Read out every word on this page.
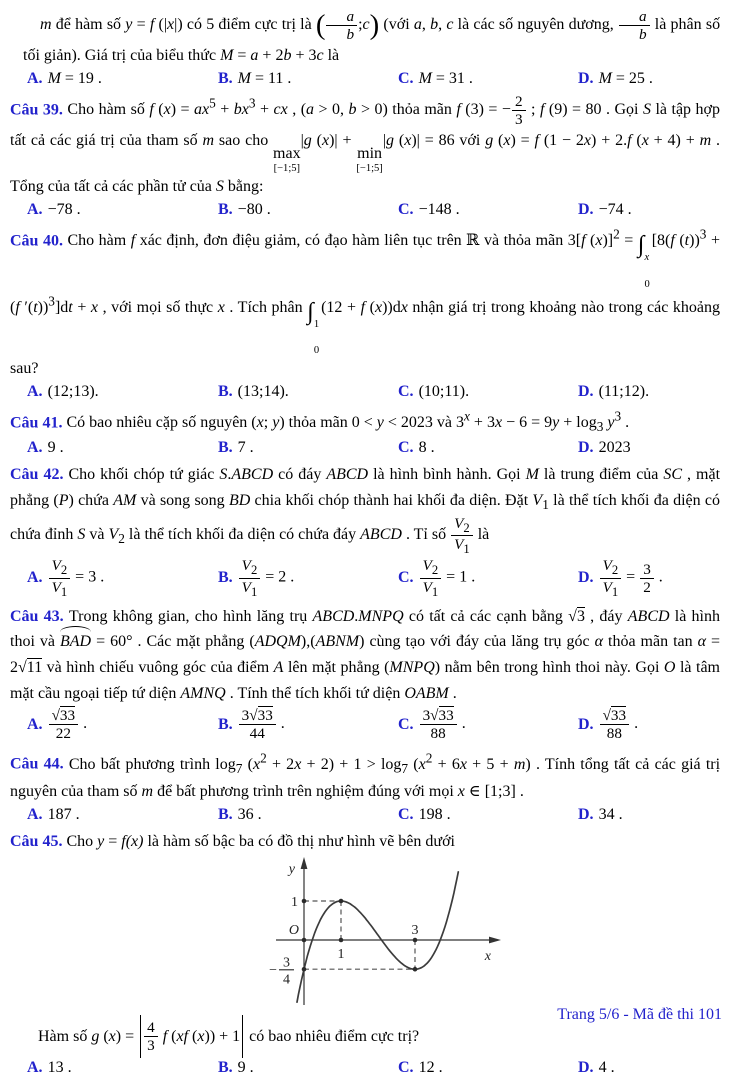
m để hàm số y = f (|x|) có 5 điểm cực trị là ( $\frac{a}{b}$ ;c) (với a, b, c là các số nguyên dương, $\frac{a}{b}$ là phân số tối giản). Giá trị của biểu thức M = a + 2b + 3c là
A. M = 19 .	B. M = 11 .	C. M = 31 .	D. M = 25 .
Câu 39. Cho hàm số f $(x) = ax^5 + bx^3$ + cx , (a > 0, b > 0) thỏa mãn f (3) = − $\frac{2}{3}$ ; f (9) = 80 . Gọi S là tập hợp tất cả các giá trị của tham số m sao cho
max
[−1;5]
|g (x)| +
min
[−1;5]
|g (x)| = 86 với g (x) = f (1 − 2x) + 2.f (x + 4) + m . Tổng của tất cả các phần tử của S bằng:
A. −78 .	B. −80 .	C. −148 .	D. −74 .
Câu 40. Cho hàm f xác định, đơn điệu giảm, có đạo hàm liên tục trên ℝ và thỏa mãn 3[f (x)]$^2$ = ∫ x
0
[8(f (t))$^3$ + (f ′(t))$^3$]dt + x , với mọi số thực x . Tích phân ∫ 1
0
(12 + f (x))dx nhận giá trị trong khoảng nào trong các khoảng sau?
A. (12;13).	B. (13;14).	C. (10;11).	D. (11;12).
Câu 41. Có bao nhiêu cặp số nguyên (x; y) thỏa mãn 0 < y < 2023 và $3^x + 3x - 6 = 9y + \log_3 y^3$ .
A. 9 .	B. 7 .	C. 8 .	D. 2023
Câu 42. Cho khối chóp tứ giác S.ABCD có đáy ABCD là hình bình hành. Gọi M là trung điểm của SC , mặt phẳng (P) chứa AM và song song BD chia khối chóp thành hai khối đa diện. Đặt $V_1$ là thể tích khối đa diện có chứa đỉnh S và $V_2$ là thể tích khối đa diện có chứa đáy ABCD . Tỉ số $\frac{V_2}{V_1}$ là
A. $\frac{V_2}{V_1} = 3$ .	B. $\frac{V_2}{V_1} = 2$ .	C. $\frac{V_2}{V_1} = 1$ .	D. $\frac{V_2}{V_1} = \frac{3}{2}$ .
Câu 43. Trong không gian, cho hình lăng trụ ABCD.MNPQ có tất cả các cạnh bằng √3 , đáy ABCD là hình thoi và BAD = 60° . Các mặt phẳng (ADQM),(ABNM) cùng tạo với đáy của lăng trụ góc α thỏa mãn tan α = 2√11 và hình chiếu vuông góc của điểm A lên mặt phẳng (MNPQ) nằm bên trong hình thoi này. Gọi O là tâm mặt cầu ngoại tiếp tứ diện AMNQ . Tính thể tích khối tứ diện OABM .
A. $\frac{√33}{22}$ .	B. $\frac{3√33}{44}$ .	C. $\frac{3√33}{88}$ .	D. $\frac{√33}{88}$ .
Câu 44. Cho bất phương trình $\log_7 (x^2 + 2x + 2) + 1 > \log_7 (x^2 + 6x + 5 + m)$ . Tính tổng tất cả các giá trị nguyên của tham số m để bất phương trình trên nghiệm đúng với mọi x ∈ [1;3] .
A. 187 .	B. 36 .	C. 198 .	D. 34 .
Câu 45. Cho y = f(x) là hàm số bậc ba có đồ thị như hình vẽ bên dưới
1
1
3
O
y
x
− 3
4
Hàm số g $(x) = \frac{4}{3}$ f (xf (x)) + 1 có bao nhiêu điểm cực trị?
A. 13 .	B. 9 .	C. 12 .	D. 4 .
Trang 5/6 - Mã đề thi 101
